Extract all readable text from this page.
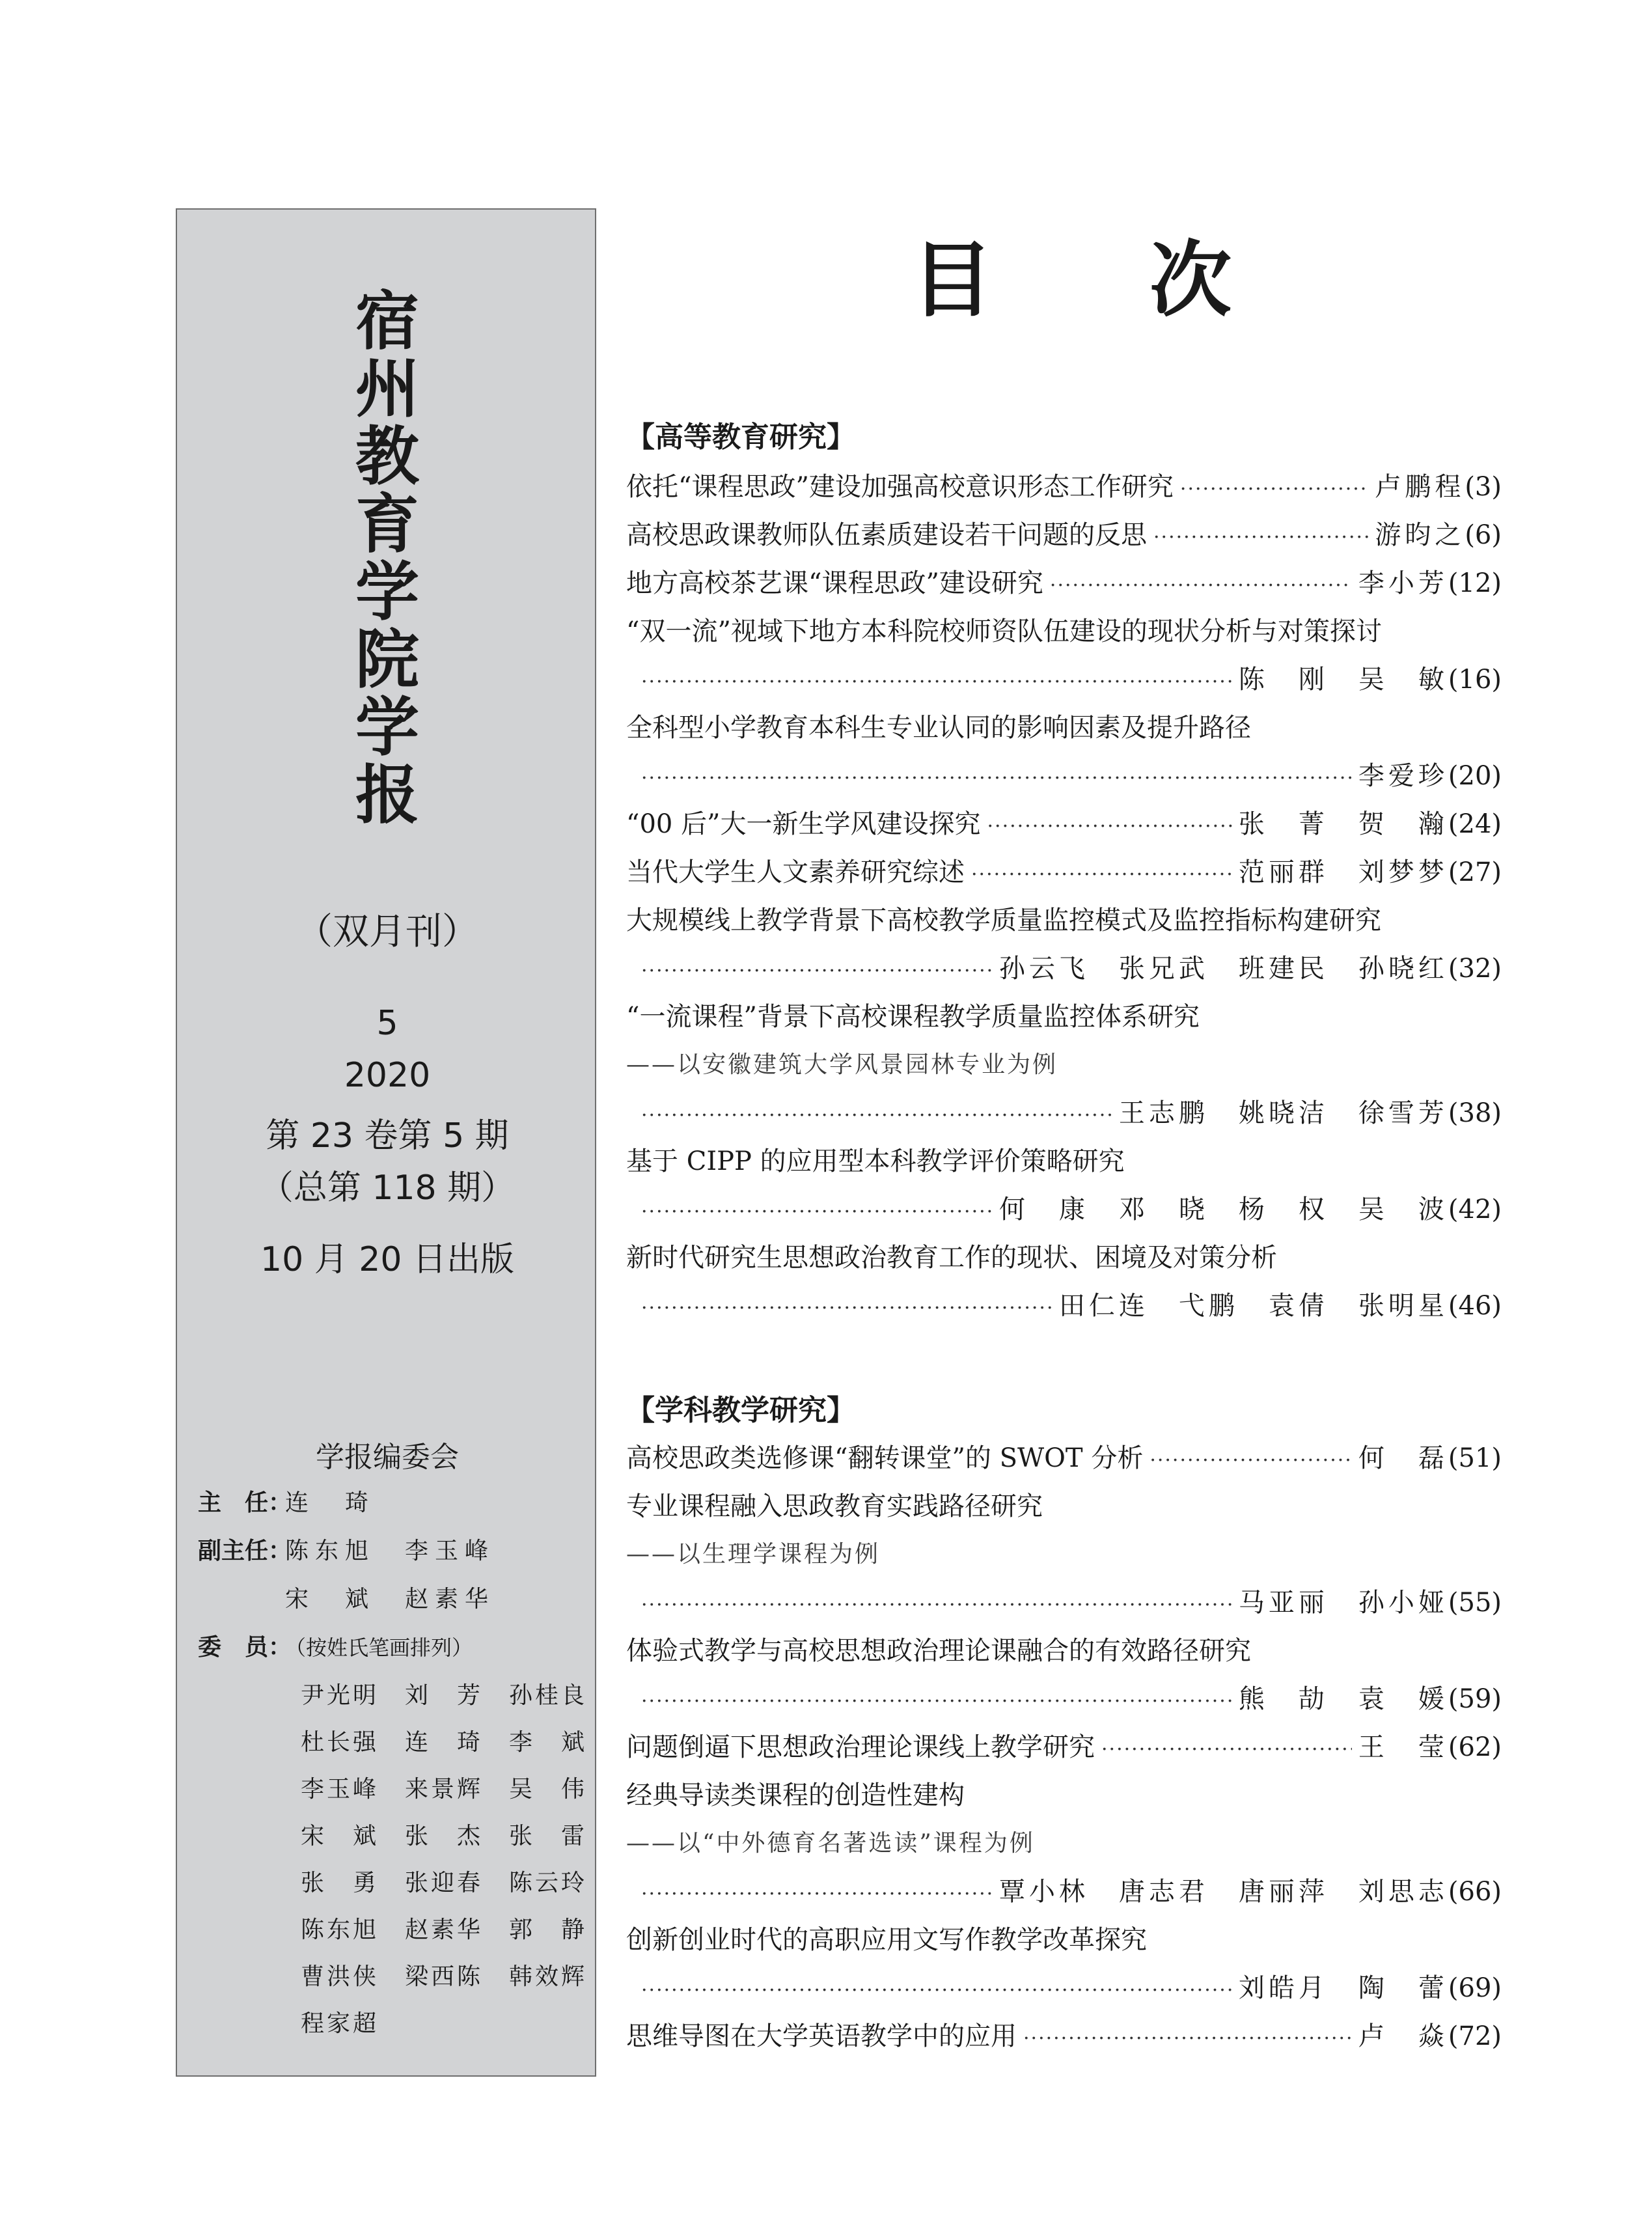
宿
州
教
育
学
院
学
报
（双月刊）
5
2020
第 23 卷第 5 期
（总第 118 期）
10 月 20 日出版
学报编委会
主　任：连　琦
副主任：陈东旭　李玉峰
宋　斌　赵素华
委　员：（按姓氏笔画排列）
尹光明　刘　芳　孙桂良
杜长强　连　琦　李　斌
李玉峰　来景辉　吴　伟
宋　斌　张　杰　张　雷
张　勇　张迎春　陈云玲
陈东旭　赵素华　郭　静
曹洪侠　梁西陈　韩效辉
程家超
目次
【高等教育研究】
依托“课程思政”建设加强高校意识形态工作研究 ·····	卢鹏程 (3)
高校思政课教师队伍素质建设若干问题的反思 ·····	游昀之 (6)
地方高校茶艺课“课程思政”建设研究 ·····	李小芳 (12)
“双一流”视域下地方本科院校师资队伍建设的现状分析与对策探讨
·····
陈　刚　吴　敏 (16)
全科型小学教育本科生专业认同的影响因素及提升路径
·····
李爱珍 (20)
“00 后”大一新生学风建设探究 ·····	张　菁　贺　瀚 (24)
当代大学生人文素养研究综述 ·····	范丽群　刘梦梦 (27)
大规模线上教学背景下高校教学质量监控模式及监控指标构建研究
·····
孙云飞　张兄武　班建民　孙晓红 (32)
“一流课程”背景下高校课程教学质量监控体系研究
——以安徽建筑大学风景园林专业为例
·····
王志鹏　姚晓洁　徐雪芳 (38)
基于 CIPP 的应用型本科教学评价策略研究
·····
何　康　邓　晓　杨　权　吴　波 (42)
新时代研究生思想政治教育工作的现状、困境及对策分析
·····
田仁连　弋鹏　袁倩　张明星 (46)
【学科教学研究】
高校思政类选修课“翻转课堂”的 SWOT 分析 ·····	何　磊 (51)
专业课程融入思政教育实践路径研究
——以生理学课程为例
·····
马亚丽　孙小娅 (55)
体验式教学与高校思想政治理论课融合的有效路径研究
·····
熊　劼　袁　媛 (59)
问题倒逼下思想政治理论课线上教学研究 ·····	王　莹 (62)
经典导读类课程的创造性建构
——以“中外德育名著选读”课程为例
·····
覃小林　唐志君　唐丽萍　刘思志 (66)
创新创业时代的高职应用文写作教学改革探究
·····
刘皓月　陶　蕾 (69)
思维导图在大学英语教学中的应用 ·····	卢　焱 (72)
